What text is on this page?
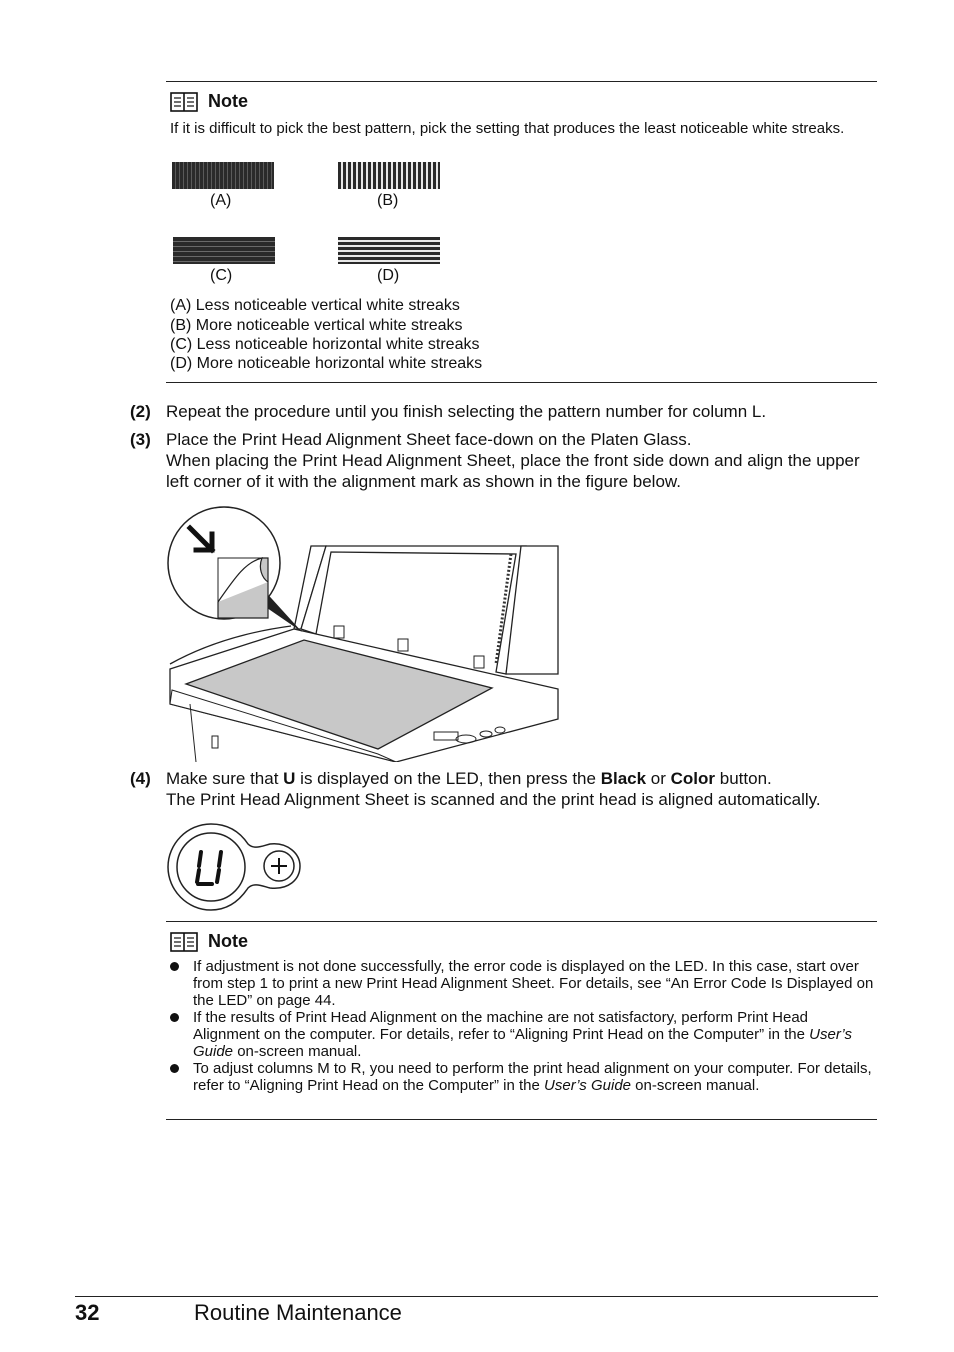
Note
If it is difficult to pick the best pattern, pick the setting that produces the least noticeable white streaks.
(A)	(B)
(C)	(D)
(A) Less noticeable vertical white streaks
(B) More noticeable vertical white streaks
(C) Less noticeable horizontal white streaks
(D) More noticeable horizontal white streaks
(2) Repeat the procedure until you finish selecting the pattern number for column L.
(3) Place the Print Head Alignment Sheet face-down on the Platen Glass.
When placing the Print Head Alignment Sheet, place the front side down and align the upper left corner of it with the alignment mark as shown in the figure below.
(4) Make sure that U is displayed on the LED, then press the Black or Color button.
The Print Head Alignment Sheet is scanned and the print head is aligned automatically.
Note
If adjustment is not done successfully, the error code is displayed on the LED. In this case, start over from step 1 to print a new Print Head Alignment Sheet. For details, see “An Error Code Is Displayed on the LED” on page 44.
If the results of Print Head Alignment on the machine are not satisfactory, perform Print Head Alignment on the computer. For details, refer to “Aligning Print Head on the Computer” in the User’s Guide on-screen manual.
To adjust columns M to R, you need to perform the print head alignment on your computer. For details, refer to “Aligning Print Head on the Computer” in the User’s Guide on-screen manual.
32	Routine Maintenance
